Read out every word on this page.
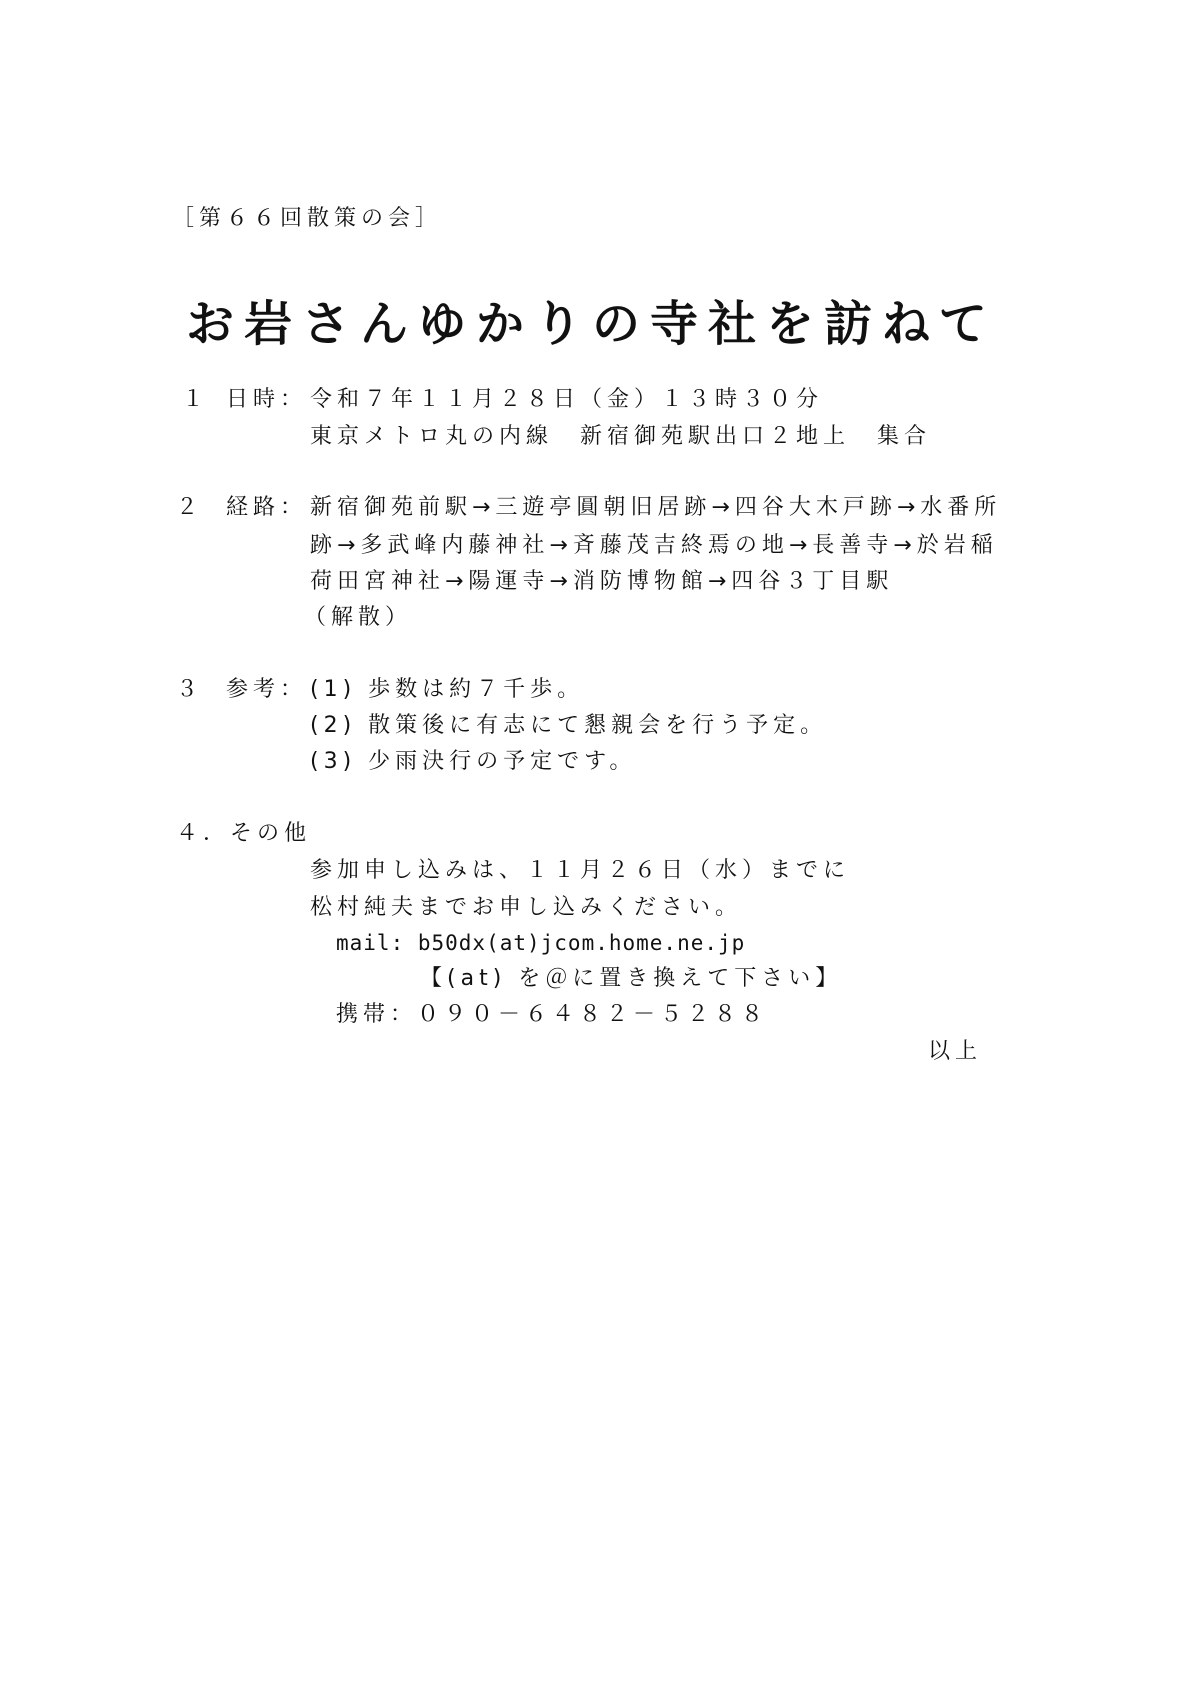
［第６６回散策の会］
お岩さんゆかりの寺社を訪ねて
１ 日時： 令和７年１１月２８日（金）１３時３０分
東京メトロ丸の内線　新宿御苑駅出口２地上　集合
２ 経路： 新宿御苑前駅→三遊亭圓朝旧居跡→四谷大木戸跡→水番所
跡→多武峰内藤神社→斉藤茂吉終焉の地→長善寺→於岩稲
荷田宮神社→陽運寺→消防博物館→四谷３丁目駅
（解散）
３ 参考： (1) 歩数は約７千歩。
(2) 散策後に有志にて懇親会を行う予定。
(3) 少雨決行の予定です。
４．その他
参加申し込みは、１１月２６日（水）までに
松村純夫までお申し込みください。
mail: b50dx(at)jcom.home.ne.jp
【(at) を＠に置き換えて下さい】
携帯：０９０－６４８２－５２８８
以上
